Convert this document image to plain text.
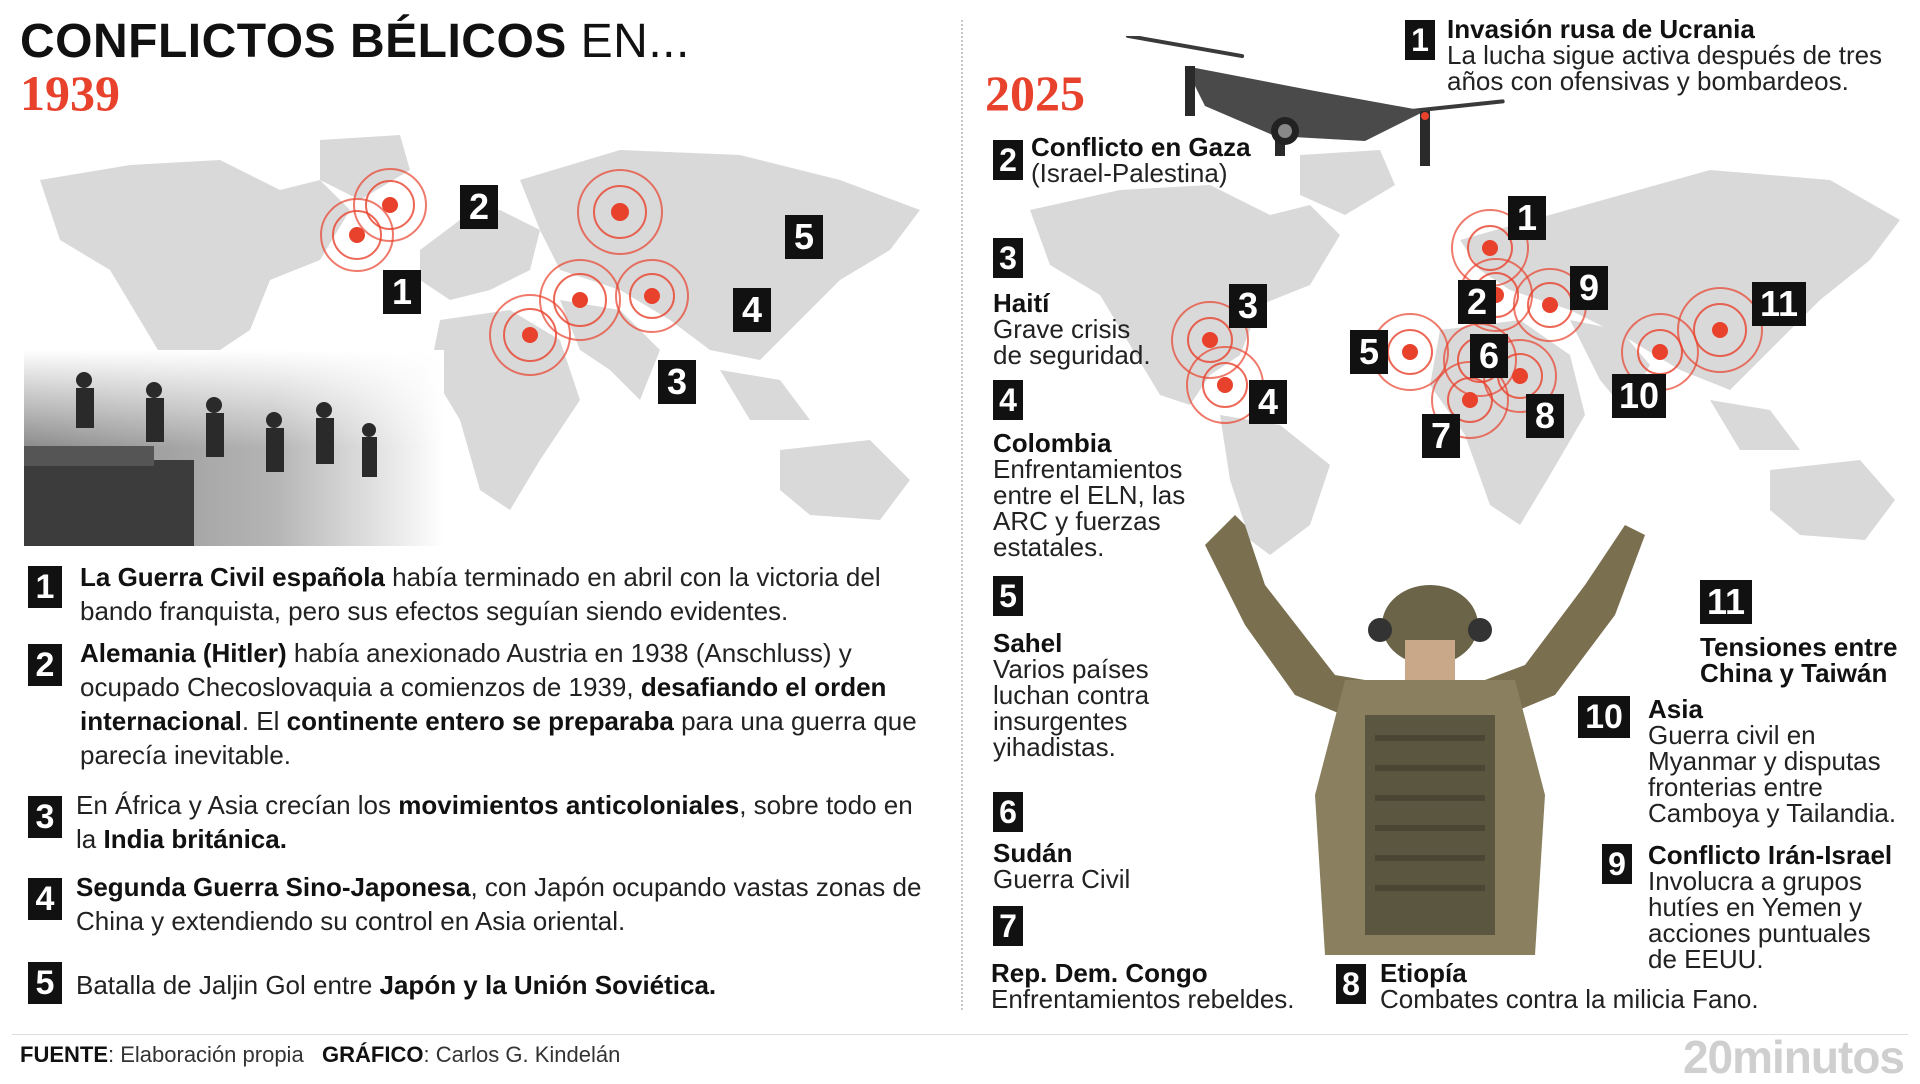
CONFLICTOS BÉLICOS EN...
1939	2025
1
2
3
4
5
1 La Guerra Civil española había terminado en abril con la victoria del bando franquista, pero sus efectos seguían siendo evidentes.
2 Alemania (Hitler) había anexionado Austria en 1938 (Anschluss) y ocupado Checoslovaquia a comienzos de 1939, desafiando el orden internacional. El continente entero se preparaba para una guerra que parecía inevitable.
3 En África y Asia crecían los movimientos anticoloniales, sobre todo en la India británica.
4 Segunda Guerra Sino-Japonesa, con Japón ocupando vastas zonas de China y extendiendo su control en Asia oriental.
5 Batalla de Jaljin Gol entre Japón y la Unión Soviética.
1
2
3
4
5	6
7 8
9
10
11
1 Invasión rusa de Ucrania
La lucha sigue activa después de tres
años con ofensivas y bombardeos.
2 Conflicto en Gaza
(Israel-Palestina)
3
Haití
Grave crisis
de seguridad.
4
Colombia
Enfrentamientos
entre el ELN, las
ARC y fuerzas
estatales.
5
Sahel
Varios países
luchan contra
insurgentes
yihadistas.
6
Sudán
Guerra Civil
7
Rep. Dem. Congo
Enfrentamientos rebeldes.	8 Etiopía
Combates contra la milicia Fano.
9 Conflicto Irán-Israel
Involucra a grupos
hutíes en Yemen y
acciones puntuales
de EEUU.
10 Asia
Guerra civil en
Myanmar y disputas
fronterias entre
Camboya y Tailandia.
11
Tensiones entre
China y Taiwán
FUENTE: Elaboración propia GRÁFICO: Carlos G. Kindelán	20minutos
